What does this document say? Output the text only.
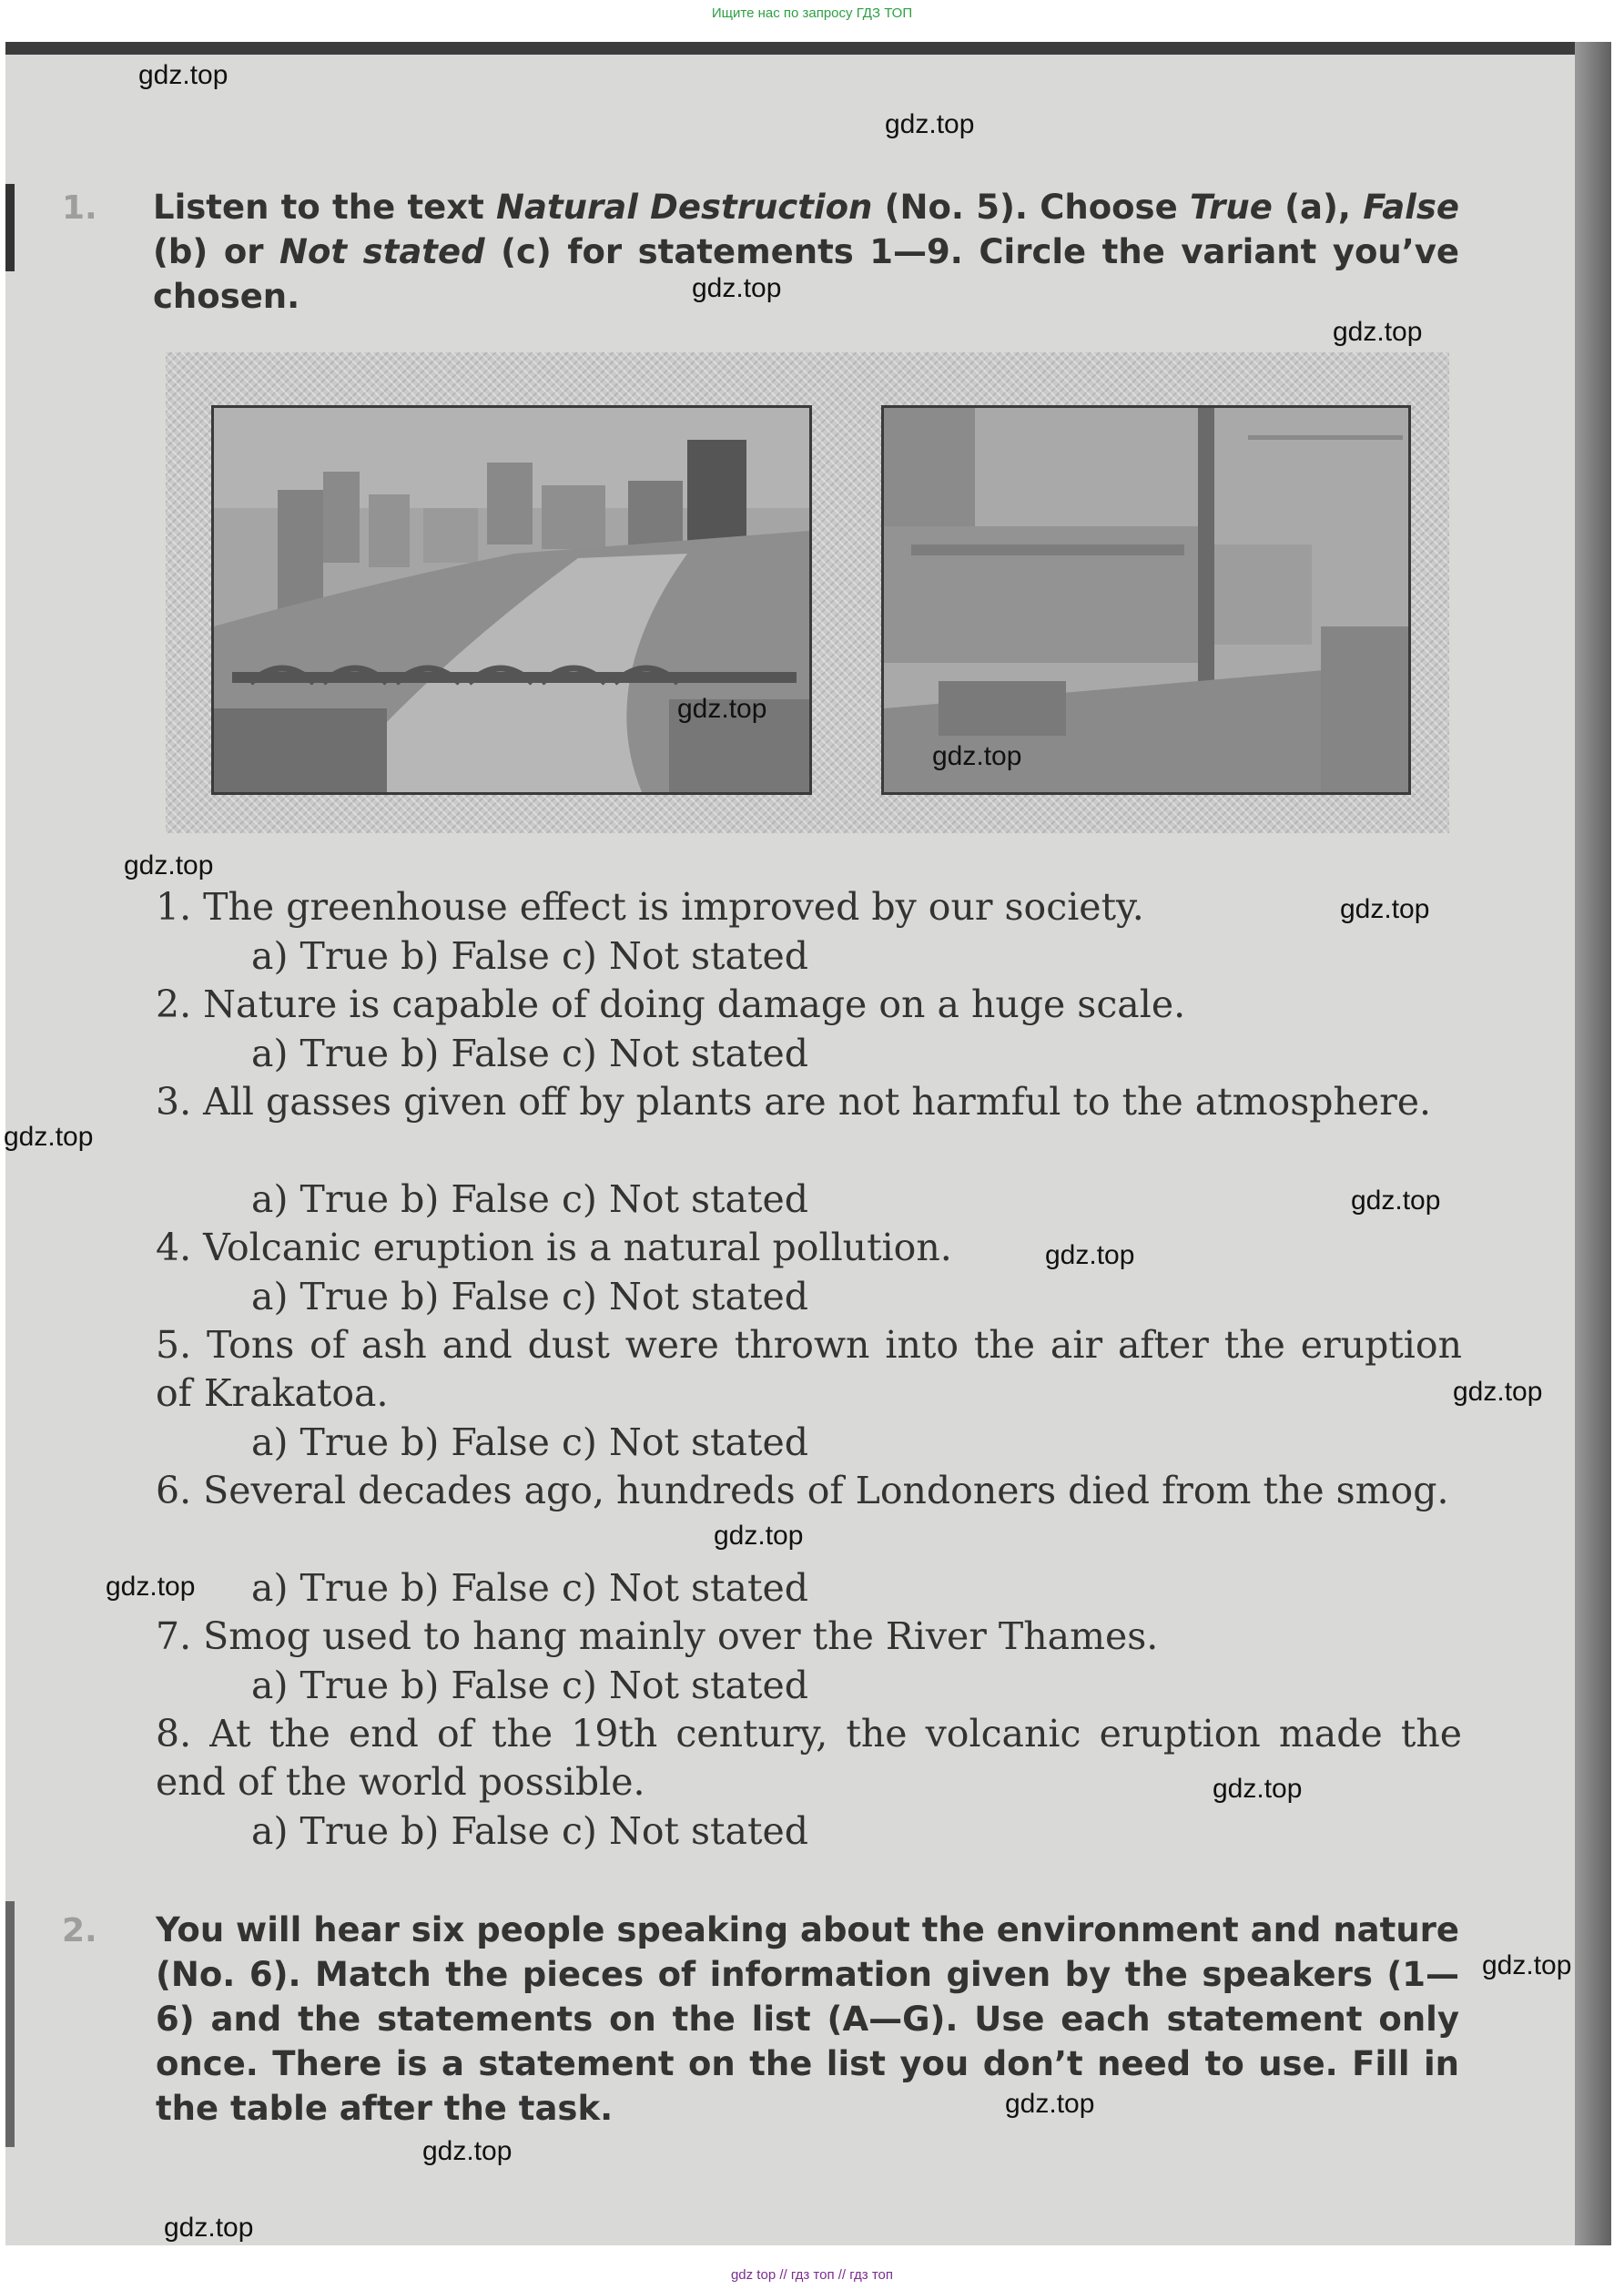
Ищите нас по запросу ГДЗ ТОП
1. Listen to the text Natural Destruction (No. 5). Choose True (a), False (b) or Not stated (c) for statements 1—9. Circle the variant you’ve chosen.
1. The greenhouse effect is improved by our society.
a) True b) False c) Not stated
2. Nature is capable of doing damage on a huge scale.
a) True b) False c) Not stated
3. All gasses given off by plants are not harmful to the atmosphere.
a) True b) False c) Not stated
4. Volcanic eruption is a natural pollution.
a) True b) False c) Not stated
5. Tons of ash and dust were thrown into the air after the eruption of Krakatoa.
a) True b) False c) Not stated
6. Several decades ago, hundreds of Londoners died from the smog.
a) True b) False c) Not stated
7. Smog used to hang mainly over the River Thames.
a) True b) False c) Not stated
8. At the end of the 19th century, the volcanic eruption made the end of the world possible.
a) True b) False c) Not stated
2. You will hear six people speaking about the environment and nature (No. 6). Match the pieces of information given by the speakers (1—6) and the statements on the list (A—G). Use each statement only once. There is a statement on the list you don’t need to use. Fill in the table after the task.
gdz.top
gdz.top
gdz.top
gdz.top
gdz.top
gdz.top
gdz.top
gdz.top
gdz.top
gdz.top
gdz.top
gdz.top
gdz.top
gdz.top
gdz.top
gdz.top
gdz.top
gdz.top
gdz.top
gdz top // гдз топ // гдз топ
